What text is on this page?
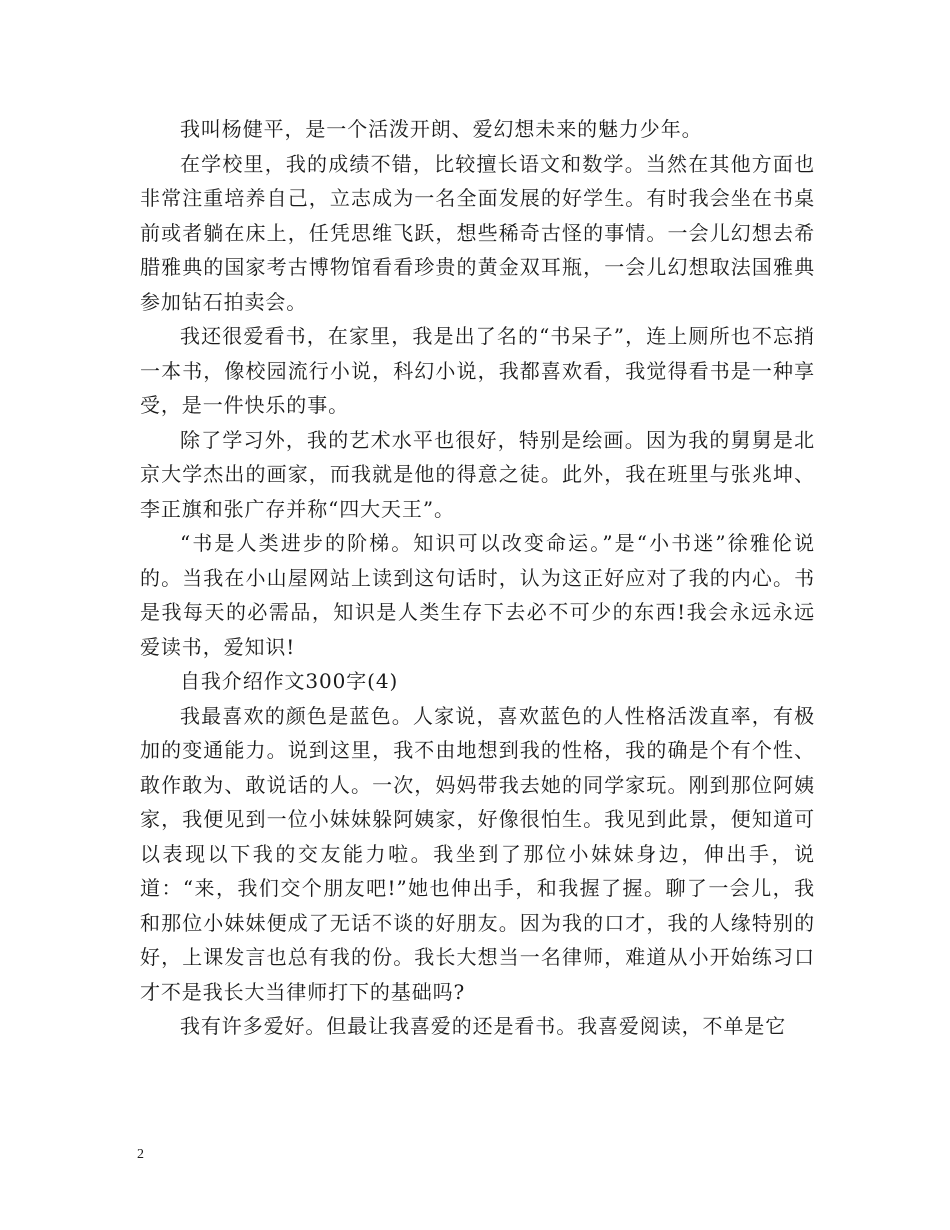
我叫杨健平，是一个活泼开朗、爱幻想未来的魅力少年。

在学校里，我的成绩不错，比较擅长语文和数学。当然在其他方面也非常注重培养自己，立志成为一名全面发展的好学生。有时我会坐在书桌前或者躺在床上，任凭思维飞跃，想些稀奇古怪的事情。一会儿幻想去希腊雅典的国家考古博物馆看看珍贵的黄金双耳瓶，一会儿幻想取法国雅典参加钻石拍卖会。

我还很爱看书，在家里，我是出了名的“书呆子”，连上厕所也不忘捎一本书，像校园流行小说，科幻小说，我都喜欢看，我觉得看书是一种享受，是一件快乐的事。

除了学习外，我的艺术水平也很好，特别是绘画。因为我的舅舅是北京大学杰出的画家，而我就是他的得意之徒。此外，我在班里与张兆坤、李正旗和张广存并称“四大天王”。

“书是人类进步的阶梯。知识可以改变命运。”是“小书迷”徐雅伦说的。当我在小山屋网站上读到这句话时，认为这正好应对了我的内心。书是我每天的必需品，知识是人类生存下去必不可少的东西!我会永远永远爱读书，爱知识!

自我介绍作文300字(4)

我最喜欢的颜色是蓝色。人家说，喜欢蓝色的人性格活泼直率，有极加的变通能力。说到这里，我不由地想到我的性格，我的确是个有个性、敢作敢为、敢说话的人。一次，妈妈带我去她的同学家玩。刚到那位阿姨家，我便见到一位小妹妹躲阿姨家，好像很怕生。我见到此景，便知道可以表现以下我的交友能力啦。我坐到了那位小妹妹身边，伸出手，说道：“来，我们交个朋友吧!”她也伸出手，和我握了握。聊了一会儿，我和那位小妹妹便成了无话不谈的好朋友。因为我的口才，我的人缘特别的好，上课发言也总有我的份。我长大想当一名律师，难道从小开始练习口才不是我长大当律师打下的基础吗?

我有许多爱好。但最让我喜爱的还是看书。我喜爱阅读，不单是它

2
